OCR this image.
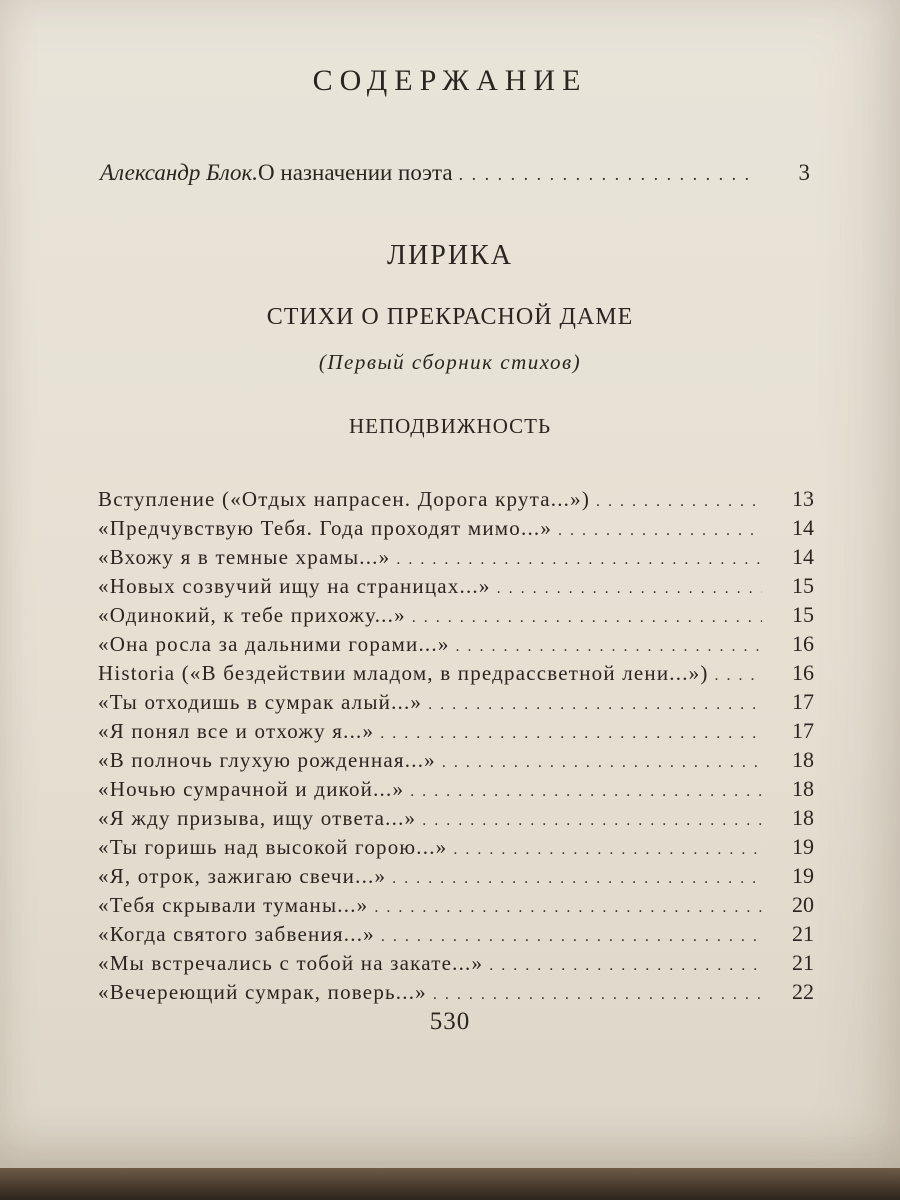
СОДЕРЖАНИЕ
Александр Блок. О назначении поэта . . .	3
ЛИРИКА
СТИХИ О ПРЕКРАСНОЙ ДАМЕ
(Первый сборник стихов)
НЕПОДВИЖНОСТЬ
Вступление («Отдых напрасен. Дорога крута...») . . .	13
«Предчувствую Тебя. Года проходят мимо...» . . .	14
«Вхожу я в темные храмы...» . . .	14
«Новых созвучий ищу на страницах...» . . .	15
«Одинокий, к тебе прихожу...» . . .	15
«Она росла за дальними горами...» . . .	16
Historia («В бездействии младом, в предрассветной лени...») . . .	16
«Ты отходишь в сумрак алый...» . . .	17
«Я понял все и отхожу я...» . . .	17
«В полночь глухую рожденная...» . . .	18
«Ночью сумрачной и дикой...» . . .	18
«Я жду призыва, ищу ответа...» . . .	18
«Ты горишь над высокой горою...» . . .	19
«Я, отрок, зажигаю свечи...» . . .	19
«Тебя скрывали туманы...» . . .	20
«Когда святого забвения...» . . .	21
«Мы встречались с тобой на закате...» . . .	21
«Вечереющий сумрак, поверь...» . . .	22
530
